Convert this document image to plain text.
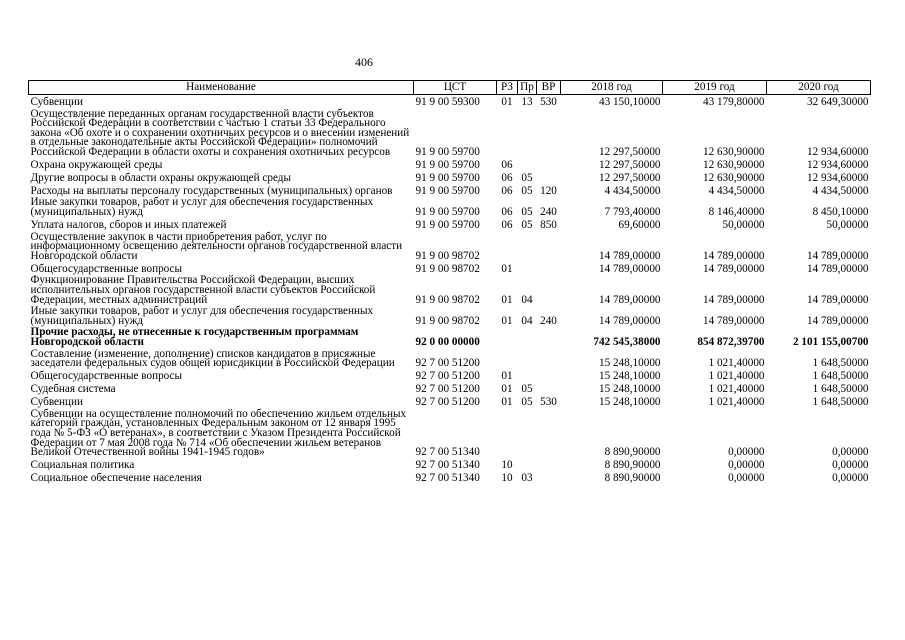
406
Наименование	ЦСТ	РЗ	Пр	ВР	2018 год	2019 год	2020 год
Субвенции	91 9 00 59300	01	13	530	43 150,10000	43 179,80000	32 649,30000
Осуществление переданных органам государственной власти субъектов Российской Федерации в соответствии с частью 1 статьи 33 Федерального закона «Об охоте и о сохранении охотничьих ресурсов и о внесении изменений в отдельные законодательные акты Российской Федерации» полномочий Российской Федерации в области охоты и сохранения охотничьих ресурсов	91 9 00 59700				12 297,50000	12 630,90000	12 934,60000
Охрана окружающей среды	91 9 00 59700	06			12 297,50000	12 630,90000	12 934,60000
Другие вопросы в области охраны окружающей среды	91 9 00 59700	06	05		12 297,50000	12 630,90000	12 934,60000
Расходы на выплаты персоналу государственных (муниципальных) органов	91 9 00 59700	06	05	120	4 434,50000	4 434,50000	4 434,50000
Иные закупки товаров, работ и услуг для обеспечения государственных (муниципальных) нужд	91 9 00 59700	06	05	240	7 793,40000	8 146,40000	8 450,10000
Уплата налогов, сборов и иных платежей	91 9 00 59700	06	05	850	69,60000	50,00000	50,00000
Осуществление закупок в части приобретения работ, услуг по информационному освещению деятельности органов государственной власти Новгородской области	91 9 00 98702				14 789,00000	14 789,00000	14 789,00000
Общегосударственные вопросы	91 9 00 98702	01			14 789,00000	14 789,00000	14 789,00000
Функционирование Правительства Российской Федерации, высших исполнительных органов государственной власти субъектов Российской Федерации, местных администраций	91 9 00 98702	01	04		14 789,00000	14 789,00000	14 789,00000
Иные закупки товаров, работ и услуг для обеспечения государственных (муниципальных) нужд	91 9 00 98702	01	04	240	14 789,00000	14 789,00000	14 789,00000
Прочие расходы, не отнесенные к государственным программам Новгородской области	92 0 00 00000				742 545,38000	854 872,39700	2 101 155,00700
Составление (изменение, дополнение) списков кандидатов в присяжные заседатели федеральных судов общей юрисдикции в Российской Федерации	92 7 00 51200				15 248,10000	1 021,40000	1 648,50000
Общегосударственные вопросы	92 7 00 51200	01			15 248,10000	1 021,40000	1 648,50000
Судебная система	92 7 00 51200	01	05		15 248,10000	1 021,40000	1 648,50000
Субвенции	92 7 00 51200	01	05	530	15 248,10000	1 021,40000	1 648,50000
Субвенции на осуществление полномочий по обеспечению жильем отдельных категорий граждан, установленных Федеральным законом от 12 января 1995 года № 5-ФЗ «О ветеранах», в соответствии с Указом Президента Российской Федерации от 7 мая 2008 года № 714 «Об обеспечении жильем ветеранов Великой Отечественной войны 1941-1945 годов»	92 7 00 51340				8 890,90000	0,00000	0,00000
Социальная политика	92 7 00 51340	10			8 890,90000	0,00000	0,00000
Социальное обеспечение населения	92 7 00 51340	10	03		8 890,90000	0,00000	0,00000
